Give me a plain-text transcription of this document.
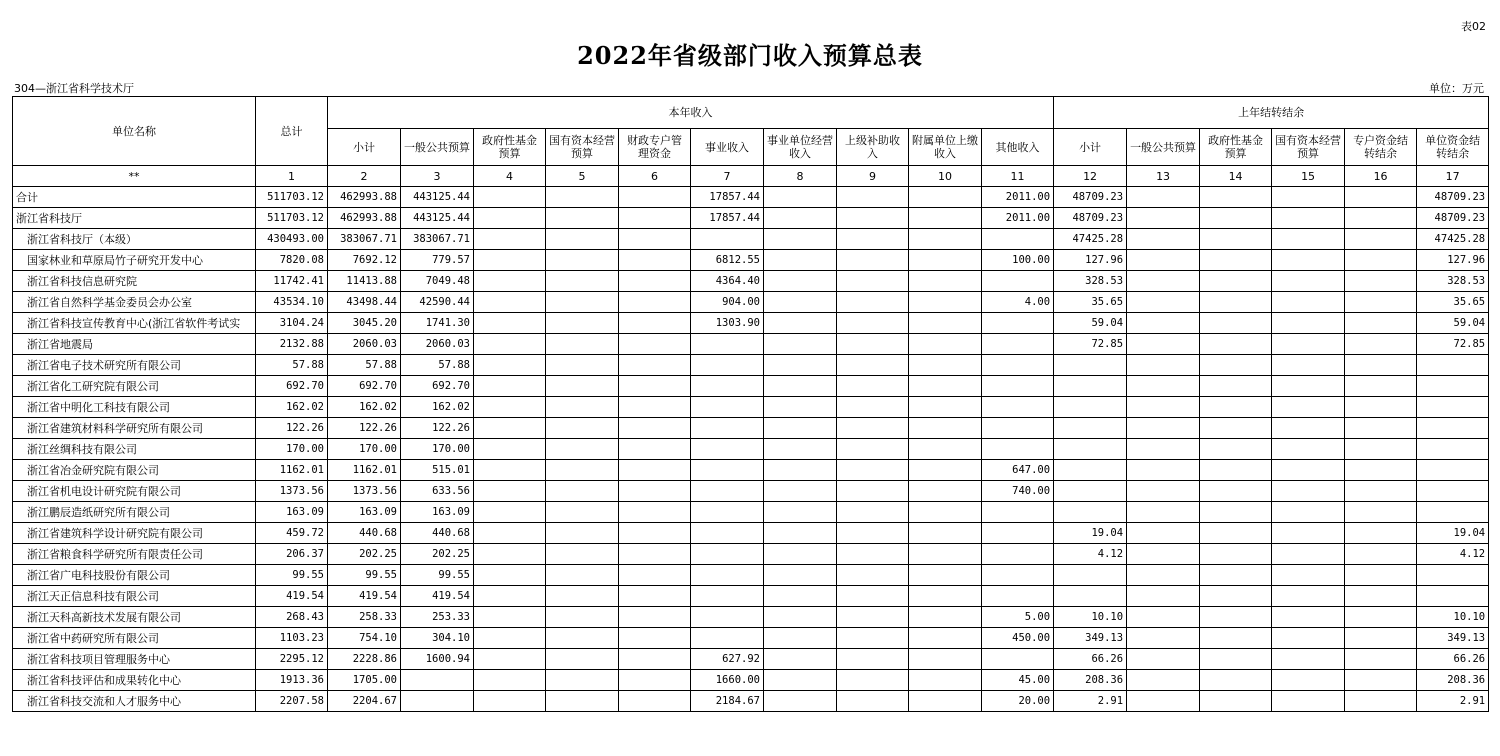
表02
2022年省级部门收入预算总表
304—浙江省科学技术厅	单位：万元
单位名称	总计	本年收入										上年结转结余					
		小计	一般公共预算	政府性基金预算	国有资本经营预算	财政专户管理资金	事业收入	事业单位经营收入	上级补助收入	附属单位上缴收入	其他收入	小计	一般公共预算	政府性基金预算	国有资本经营预算	专户资金结转结余	单位资金结转结余
**	1	2	3	4	5	6	7	8	9	10	11	12	13	14	15	16	17
合计	511703.12	462993.88	443125.44				17857.44				2011.00	48709.23					48709.23
浙江省科技厅	511703.12	462993.88	443125.44				17857.44				2011.00	48709.23					48709.23
浙江省科技厅（本级）	430493.00	383067.71	383067.71									47425.28					47425.28
国家林业和草原局竹子研究开发中心	7820.08	7692.12	779.57				6812.55				100.00	127.96					127.96
浙江省科技信息研究院	11742.41	11413.88	7049.48				4364.40					328.53					328.53
浙江省自然科学基金委员会办公室	43534.10	43498.44	42590.44				904.00				4.00	35.65					35.65
浙江省科技宣传教育中心(浙江省软件考试实	3104.24	3045.20	1741.30				1303.90					59.04					59.04
浙江省地震局	2132.88	2060.03	2060.03									72.85					72.85
浙江省电子技术研究所有限公司	57.88	57.88	57.88														
浙江省化工研究院有限公司	692.70	692.70	692.70														
浙江省中明化工科技有限公司	162.02	162.02	162.02														
浙江省建筑材料科学研究所有限公司	122.26	122.26	122.26														
浙江丝绸科技有限公司	170.00	170.00	170.00														
浙江省冶金研究院有限公司	1162.01	1162.01	515.01								647.00						
浙江省机电设计研究院有限公司	1373.56	1373.56	633.56								740.00						
浙江鹏辰造纸研究所有限公司	163.09	163.09	163.09														
浙江省建筑科学设计研究院有限公司	459.72	440.68	440.68									19.04					19.04
浙江省粮食科学研究所有限责任公司	206.37	202.25	202.25									4.12					4.12
浙江省广电科技股份有限公司	99.55	99.55	99.55														
浙江天正信息科技有限公司	419.54	419.54	419.54														
浙江天科高新技术发展有限公司	268.43	258.33	253.33								5.00	10.10					10.10
浙江省中药研究所有限公司	1103.23	754.10	304.10								450.00	349.13					349.13
浙江省科技项目管理服务中心	2295.12	2228.86	1600.94				627.92					66.26					66.26
浙江省科技评估和成果转化中心	1913.36	1705.00					1660.00				45.00	208.36					208.36
浙江省科技交流和人才服务中心	2207.58	2204.67					2184.67				20.00	2.91					2.91
